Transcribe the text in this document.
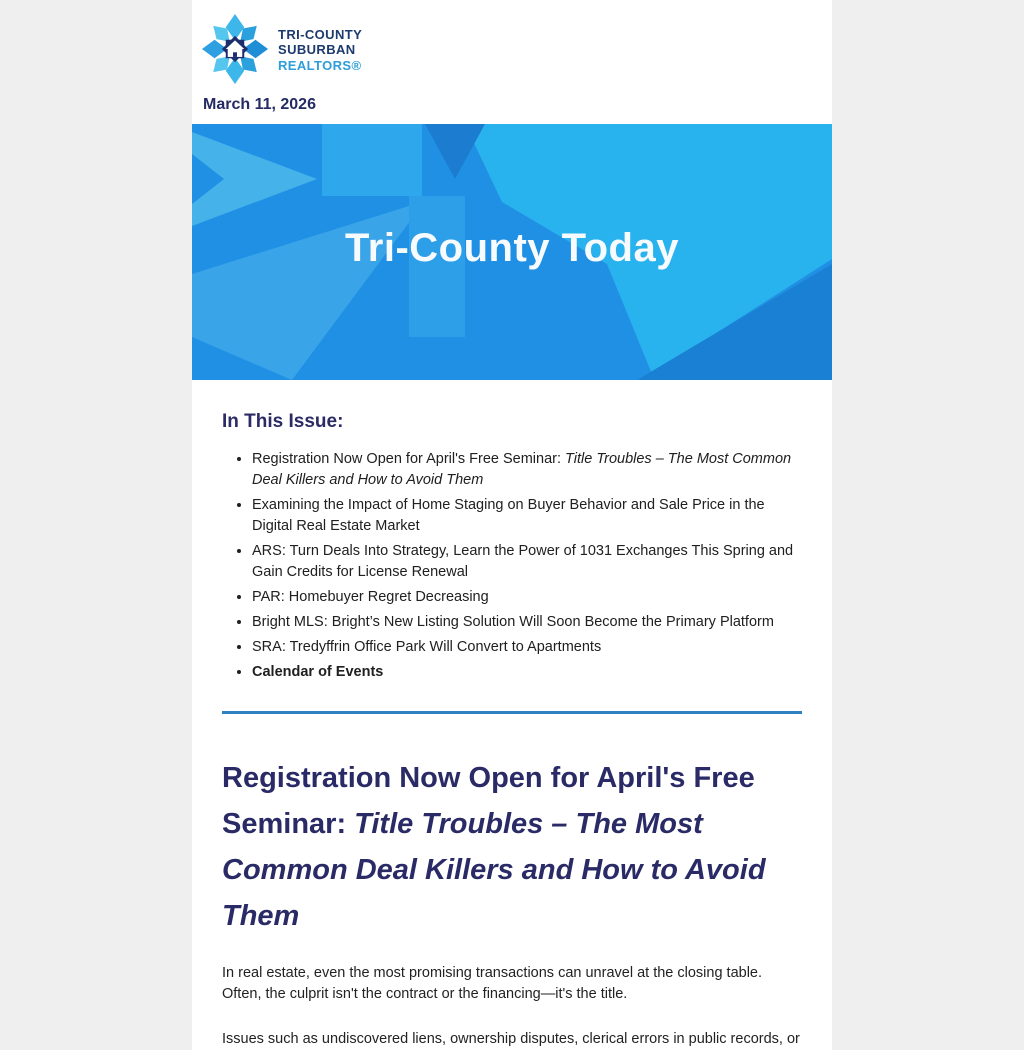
TRI-COUNTY
SUBURBAN
REALTORS®
March 11, 2026
Tri-County Today
In This Issue:
• Registration Now Open for April's Free Seminar: Title Troubles – The Most Common Deal Killers and How to Avoid Them
• Examining the Impact of Home Staging on Buyer Behavior and Sale Price in the Digital Real Estate Market
• ARS: Turn Deals Into Strategy, Learn the Power of 1031 Exchanges This Spring and Gain Credits for License Renewal
• PAR: Homebuyer Regret Decreasing
• Bright MLS: Bright’s New Listing Solution Will Soon Become the Primary Platform
• SRA: Tredyffrin Office Park Will Convert to Apartments
• Calendar of Events
Registration Now Open for April's Free Seminar: Title Troubles – The Most Common Deal Killers and How to Avoid Them

In real estate, even the most promising transactions can unravel at the closing table. Often, the culprit isn't the contract or the financing—it's the title.

Issues such as undiscovered liens, ownership disputes, clerical errors in public records, or
